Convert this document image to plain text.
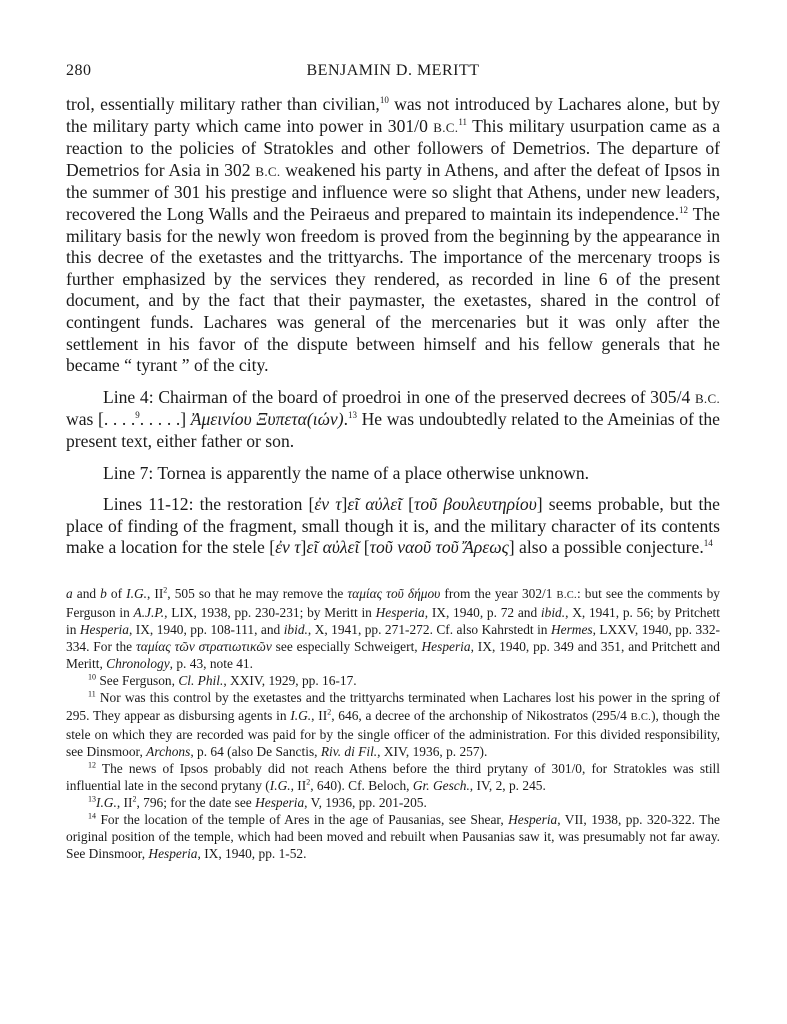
280	BENJAMIN D. MERITT

trol, essentially military rather than civilian,$^{10}$ was not introduced by Lachares alone, but by the military party which came into power in 301/0 B.C.$^{11}$ This military usurpation came as a reaction to the policies of Stratokles and other followers of Demetrios. The departure of Demetrios for Asia in 302 B.C. weakened his party in Athens, and after the defeat of Ipsos in the summer of 301 his prestige and influence were so slight that Athens, under new leaders, recovered the Long Walls and the Peiraeus and prepared to maintain its independence.$^{12}$ The military basis for the newly won freedom is proved from the beginning by the appearance in this decree of the exetastes and the trittyarchs. The importance of the mercenary troops is further emphasized by the services they rendered, as recorded in line 6 of the present document, and by the fact that their paymaster, the exetastes, shared in the control of contingent funds. Lachares was general of the mercenaries but it was only after the settlement in his favor of the dispute between himself and his fellow generals that he became “ tyrant ” of the city.

Line 4: Chairman of the board of proedroi in one of the preserved decrees of 305/4 B.C. was [. . . .$^9$. . . . .] Ἀμεινίου Ξυπετα(ιών).$^{13}$ He was undoubtedly related to the Ameinias of the present text, either father or son.

Line 7: Tornea is apparently the name of a place otherwise unknown.

Lines 11-12: the restoration [ἐν τ]εῖ αὐλεῖ [τοῦ βουλευτηρίου] seems probable, but the place of finding of the fragment, small though it is, and the military character of its contents make a location for the stele [ἐν τ]εῖ αὐλεῖ [τοῦ ναοῦ τοῦ Ἄρεως] also a possible conjecture.$^{14}$

a and b of I.G., $II^2$, 505 so that he may remove the ταμίας τοῦ δήμου from the year 302/1 B.C.: but see the comments by Ferguson in A.J.P., LIX, 1938, pp. 230-231; by Meritt in Hesperia, IX, 1940, p. 72 and ibid., X, 1941, p. 56; by Pritchett in Hesperia, IX, 1940, pp. 108-111, and ibid., X, 1941, pp. 271-272. Cf. also Kahrstedt in Hermes, LXXV, 1940, pp. 332-334. For the ταμίας τῶν στρατιωτικῶν see especially Schweigert, Hesperia, IX, 1940, pp. 349 and 351, and Pritchett and Meritt, Chronology, p. 43, note 41.

$^{10}$ See Ferguson, Cl. Phil., XXIV, 1929, pp. 16-17.

$^{11}$ Nor was this control by the exetastes and the trittyarchs terminated when Lachares lost his power in the spring of 295. They appear as disbursing agents in I.G., $II^2$, 646, a decree of the archonship of Nikostratos (295/4 B.C.), though the stele on which they are recorded was paid for by the single officer of the administration. For this divided responsibility, see Dinsmoor, Archons, p. 64 (also De Sanctis, Riv. di Fil., XIV, 1936, p. 257).

$^{12}$ The news of Ipsos probably did not reach Athens before the third prytany of 301/0, for Stratokles was still influential late in the second prytany (I.G., $II^2$, 640). Cf. Beloch, Gr. Gesch., IV, 2, p. 245.

$^{13}$I.G., $II^2$, 796; for the date see Hesperia, V, 1936, pp. 201-205.

$^{14}$ For the location of the temple of Ares in the age of Pausanias, see Shear, Hesperia, VII, 1938, pp. 320-322. The original position of the temple, which had been moved and rebuilt when Pausanias saw it, was presumably not far away. See Dinsmoor, Hesperia, IX, 1940, pp. 1-52.
